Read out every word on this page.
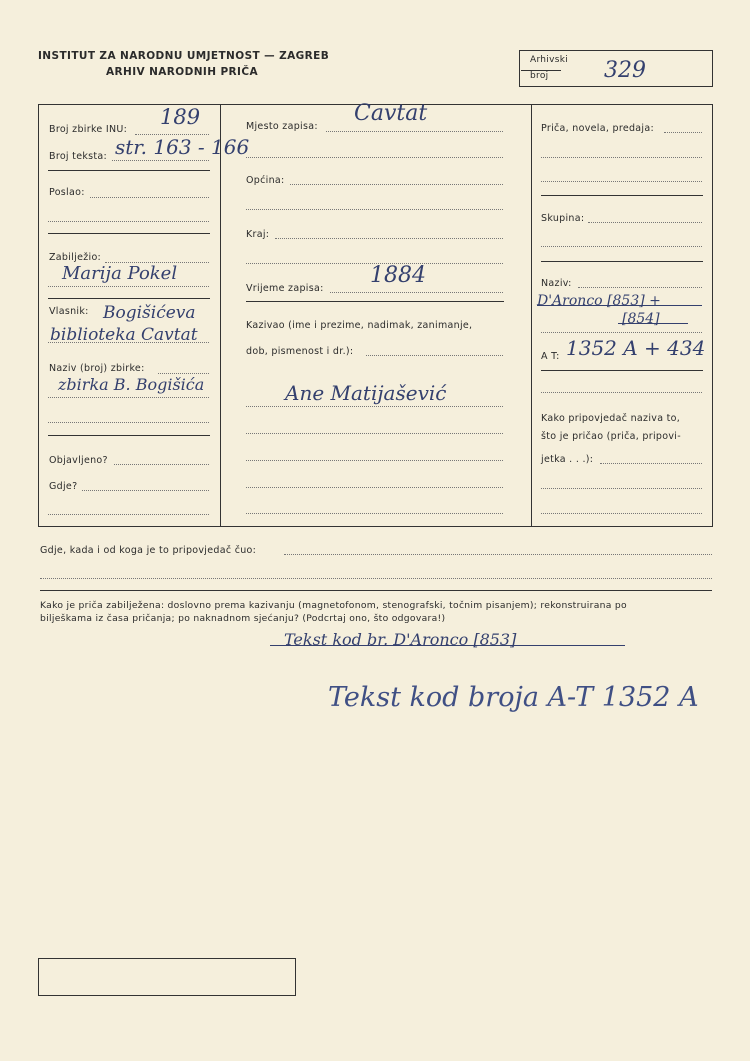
INSTITUT ZA NARODNU UMJETNOST — ZAGREB
ARHIV NARODNIH PRIČA
Arhivski
broj	329
Broj zbirke INU:
189
Broj teksta: str. 163 - 166
Poslao:
Zabilježio:
Marija Pokel
Vlasnik: Bogišićeva
biblioteka Cavtat
Naziv (broj) zbirke:
zbirka B. Bogišića
Objavljeno?
Gdje?
Mjesto zapisa:
Cavtat
Općina:
Kraj:
Vrijeme zapisa:
1884
Kazivao (ime i prezime, nadimak, zanimanje,
dob, pismenost i dr.):
Ane Matijašević
Priča, novela, predaja:
Skupina:
Naziv:
D'Aronco [853] +
[854]
A T: 1352 A + 434
Kako pripovjedač naziva to,
što je pričao (priča, pripovi-
jetka . . .):
Gdje, kada i od koga je to pripovjedač čuo:
Kako je priča zabilježena: doslovno prema kazivanju (magnetofonom, stenografski, točnim pisanjem); rekonstruirana po
bilješkama iz časa pričanja; po naknadnom sjećanju? (Podcrtaj ono, što odgovara!)
Tekst kod br. D'Aronco [853]
Tekst kod broja A-T 1352 A
